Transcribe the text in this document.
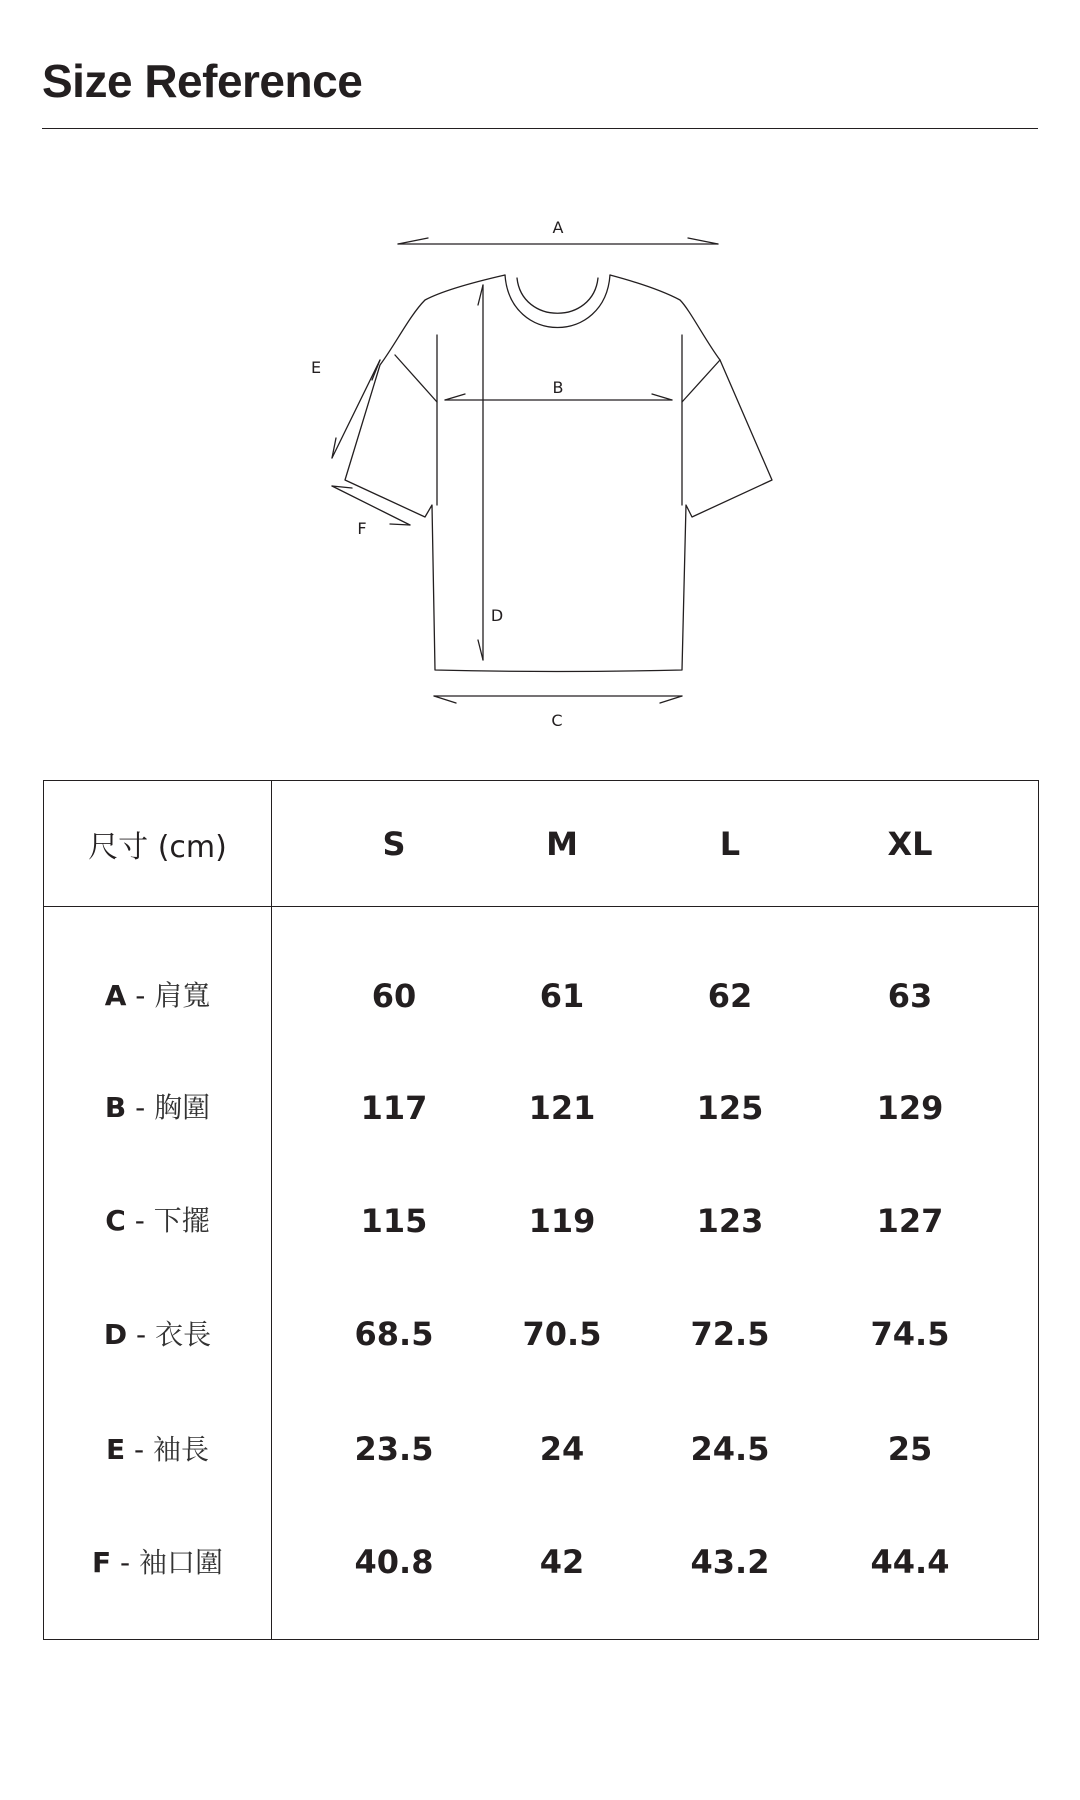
Size Reference
A
B
C
D
E
F
尺寸 (cm)	S	M	L	XL
A - 肩寬	60	61	62	63
B - 胸圍	117	121	125	129
C - 下擺	115	119	123	127
D - 衣長	68.5	70.5	72.5	74.5
E - 袖長	23.5	24	24.5	25
F - 袖口圍	40.8	42	43.2	44.4
